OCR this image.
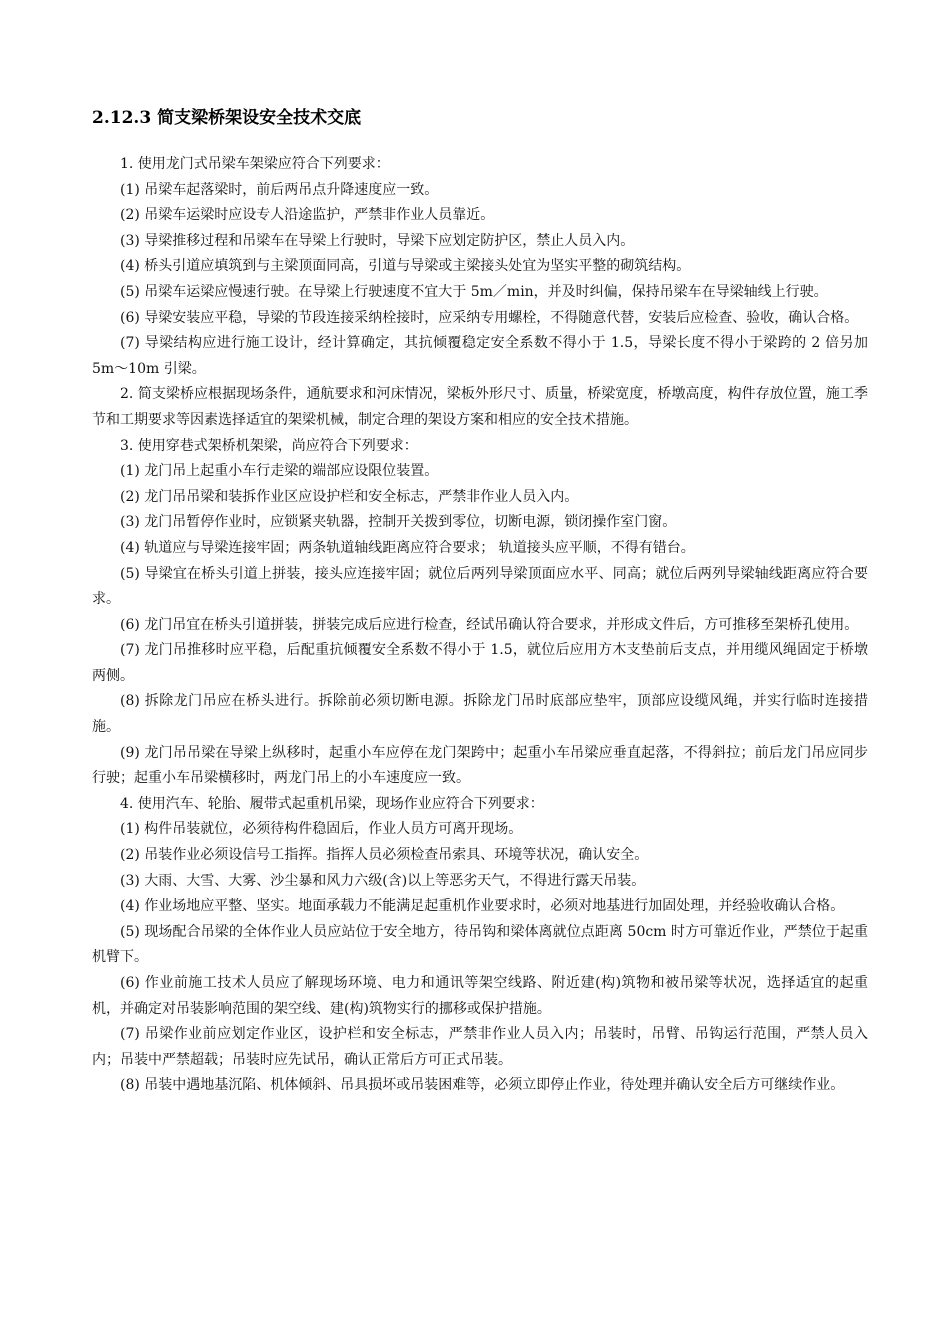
2.12.3 简支梁桥架设安全技术交底

1. 使用龙门式吊梁车架梁应符合下列要求：

(1) 吊梁车起落梁时，前后两吊点升降速度应一致。

(2) 吊梁车运梁时应设专人沿途监护，严禁非作业人员靠近。

(3) 导梁推移过程和吊梁车在导梁上行驶时，导梁下应划定防护区，禁止人员入内。

(4) 桥头引道应填筑到与主梁顶面同高，引道与导梁或主梁接头处宜为坚实平整的砌筑结构。

(5) 吊梁车运梁应慢速行驶。在导梁上行驶速度不宜大于 5m／min，并及时纠偏，保持吊梁车在导梁轴线上行驶。

(6) 导梁安装应平稳，导梁的节段连接采纳栓接时，应采纳专用螺栓，不得随意代替，安装后应检查、验收，确认合格。

(7) 导梁结构应进行施工设计，经计算确定，其抗倾覆稳定安全系数不得小于 1.5，导梁长度不得小于梁跨的 2 倍另加 5m～10m 引梁。

2. 简支梁桥应根据现场条件，通航要求和河床情况，梁板外形尺寸、质量，桥梁宽度，桥墩高度，构件存放位置，施工季节和工期要求等因素选择适宜的架梁机械，制定合理的架设方案和相应的安全技术措施。

3. 使用穿巷式架桥机架梁，尚应符合下列要求：

(1) 龙门吊上起重小车行走梁的端部应设限位装置。

(2) 龙门吊吊梁和装拆作业区应设护栏和安全标志，严禁非作业人员入内。

(3) 龙门吊暂停作业时，应锁紧夹轨器，控制开关拨到零位，切断电源，锁闭操作室门窗。

(4) 轨道应与导梁连接牢固；两条轨道轴线距离应符合要求； 轨道接头应平顺，不得有错台。

(5) 导梁宜在桥头引道上拼装，接头应连接牢固；就位后两列导梁顶面应水平、同高；就位后两列导梁轴线距离应符合要求。

(6) 龙门吊宜在桥头引道拼装，拼装完成后应进行检查，经试吊确认符合要求，并形成文件后，方可推移至架桥孔使用。

(7) 龙门吊推移时应平稳，后配重抗倾覆安全系数不得小于 1.5，就位后应用方木支垫前后支点，并用缆风绳固定于桥墩两侧。

(8) 拆除龙门吊应在桥头进行。拆除前必须切断电源。拆除龙门吊时底部应垫牢，顶部应设缆风绳，并实行临时连接措施。

(9) 龙门吊吊梁在导梁上纵移时，起重小车应停在龙门架跨中；起重小车吊梁应垂直起落，不得斜拉；前后龙门吊应同步行驶；起重小车吊梁横移时，两龙门吊上的小车速度应一致。

4. 使用汽车、轮胎、履带式起重机吊梁，现场作业应符合下列要求：

(1) 构件吊装就位，必须待构件稳固后，作业人员方可离开现场。

(2) 吊装作业必须设信号工指挥。指挥人员必须检查吊索具、环境等状况，确认安全。

(3) 大雨、大雪、大雾、沙尘暴和风力六级(含)以上等恶劣天气，不得进行露天吊装。

(4) 作业场地应平整、坚实。地面承载力不能满足起重机作业要求时，必须对地基进行加固处理，并经验收确认合格。

(5) 现场配合吊梁的全体作业人员应站位于安全地方，待吊钩和梁体离就位点距离 50cm 时方可靠近作业，严禁位于起重机臂下。

(6) 作业前施工技术人员应了解现场环境、电力和通讯等架空线路、附近建(构)筑物和被吊梁等状况，选择适宜的起重机，并确定对吊装影响范围的架空线、建(构)筑物实行的挪移或保护措施。

(7) 吊梁作业前应划定作业区，设护栏和安全标志，严禁非作业人员入内；吊装时，吊臂、吊钩运行范围，严禁人员入内；吊装中严禁超载；吊装时应先试吊，确认正常后方可正式吊装。

(8) 吊装中遇地基沉陷、机体倾斜、吊具损坏或吊装困难等，必须立即停止作业，待处理并确认安全后方可继续作业。
